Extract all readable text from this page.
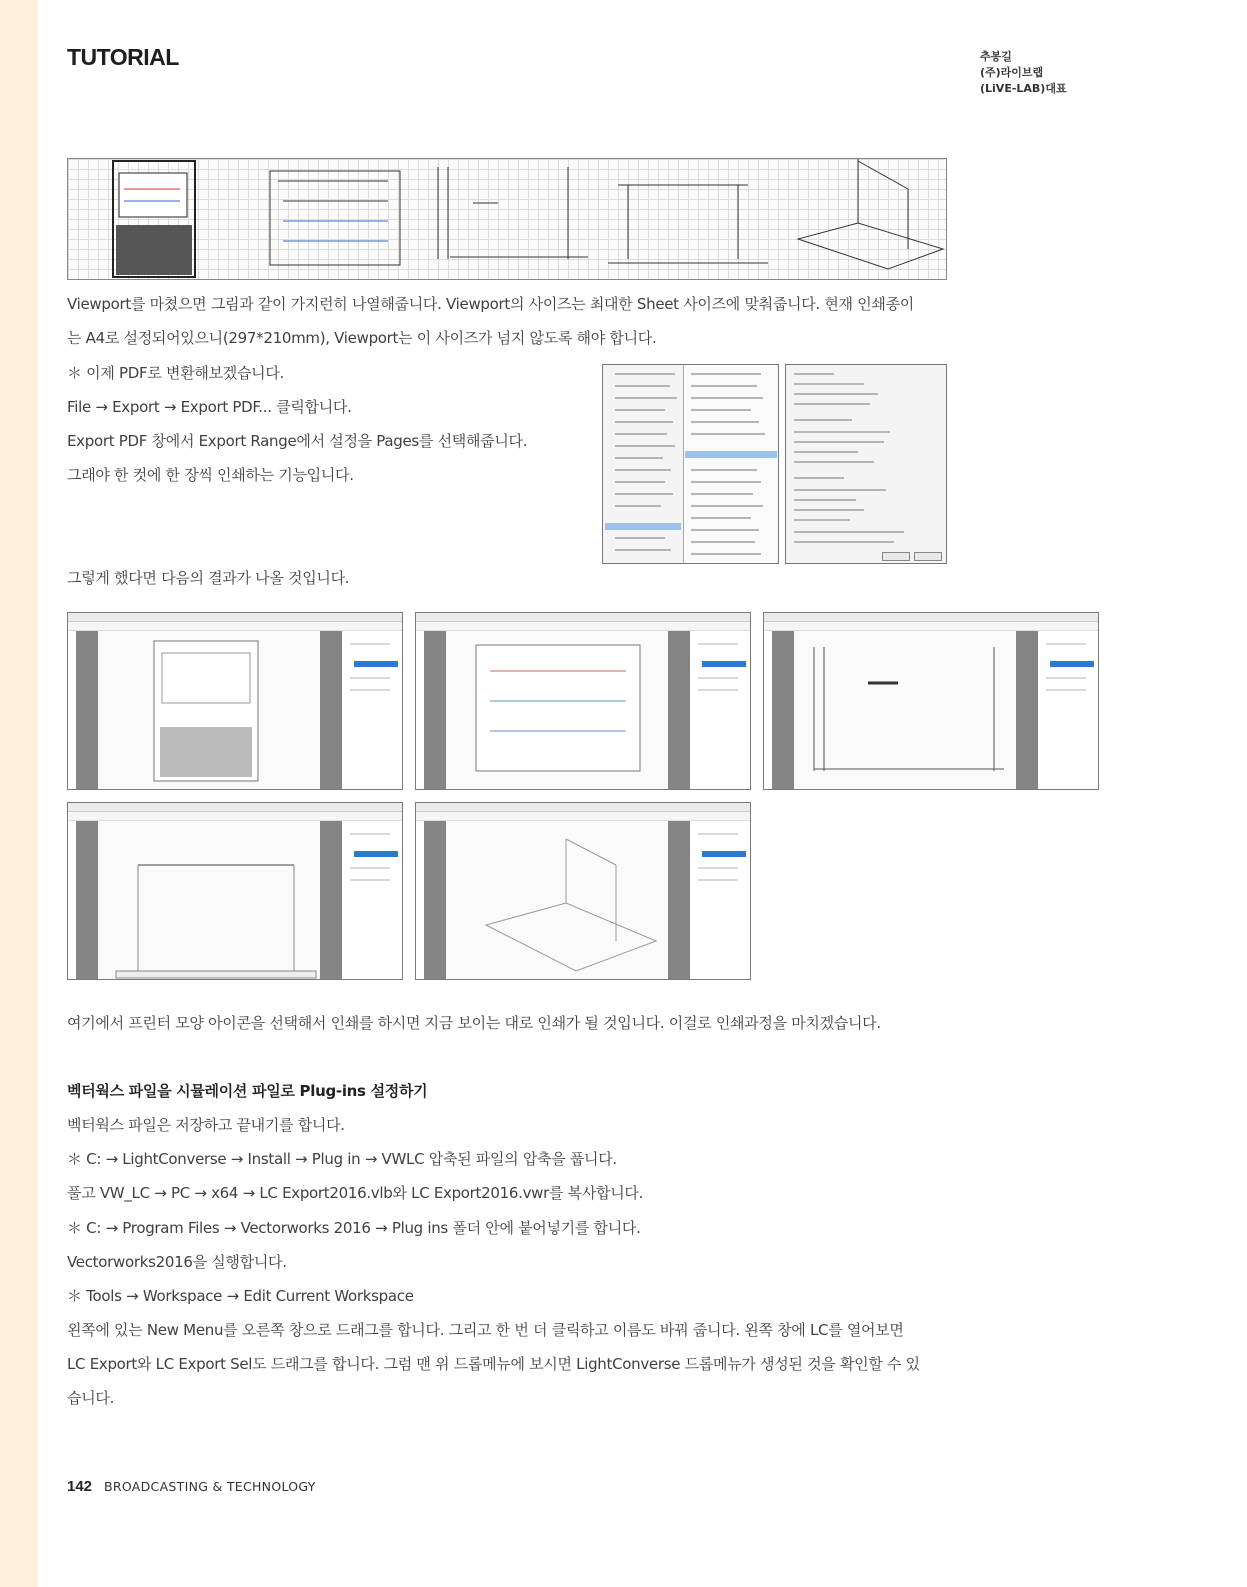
TUTORIAL	추봉길
(주)라이브랩
(LiVE-LAB)대표
Viewport를 마쳤으면 그림과 같이 가지런히 나열해줍니다. Viewport의 사이즈는 최대한 Sheet 사이즈에 맞춰줍니다. 현재 인쇄종이
는 A4로 설정되어있으니(297*210mm), Viewport는 이 사이즈가 넘지 않도록 해야 합니다.
＊ 이제 PDF로 변환해보겠습니다.
File → Export → Export PDF... 클릭합니다.
Export PDF 창에서 Export Range에서 설정을 Pages를 선택해줍니다.
그래야 한 컷에 한 장씩 인쇄하는 기능입니다.
그렇게 했다면 다음의 결과가 나올 것입니다.
여기에서 프린터 모양 아이콘을 선택해서 인쇄를 하시면 지금 보이는 대로 인쇄가 될 것입니다. 이걸로 인쇄과정을 마치겠습니다.
벡터웍스 파일을 시뮬레이션 파일로 Plug-ins 설정하기
벡터웍스 파일은 저장하고 끝내기를 합니다.
＊ C: → LightConverse → Install → Plug in → VWLC 압축된 파일의 압축을 풉니다.
풀고 VW_LC → PC → x64 → LC Export2016.vlb와 LC Export2016.vwr를 복사합니다.
＊ C: → Program Files → Vectorworks 2016 → Plug ins 폴더 안에 붙어넣기를 합니다.
Vectorworks2016을 실행합니다.
＊ Tools → Workspace → Edit Current Workspace
왼쪽에 있는 New Menu를 오른쪽 창으로 드래그를 합니다. 그리고 한 번 더 클릭하고 이름도 바꿔 줍니다. 왼쪽 창에 LC를 열어보면
LC Export와 LC Export Sel도 드래그를 합니다. 그럼 맨 위 드롭메뉴에 보시면 LightConverse 드롭메뉴가 생성된 것을 확인할 수 있
습니다.
142 BROADCASTING & TECHNOLOGY
